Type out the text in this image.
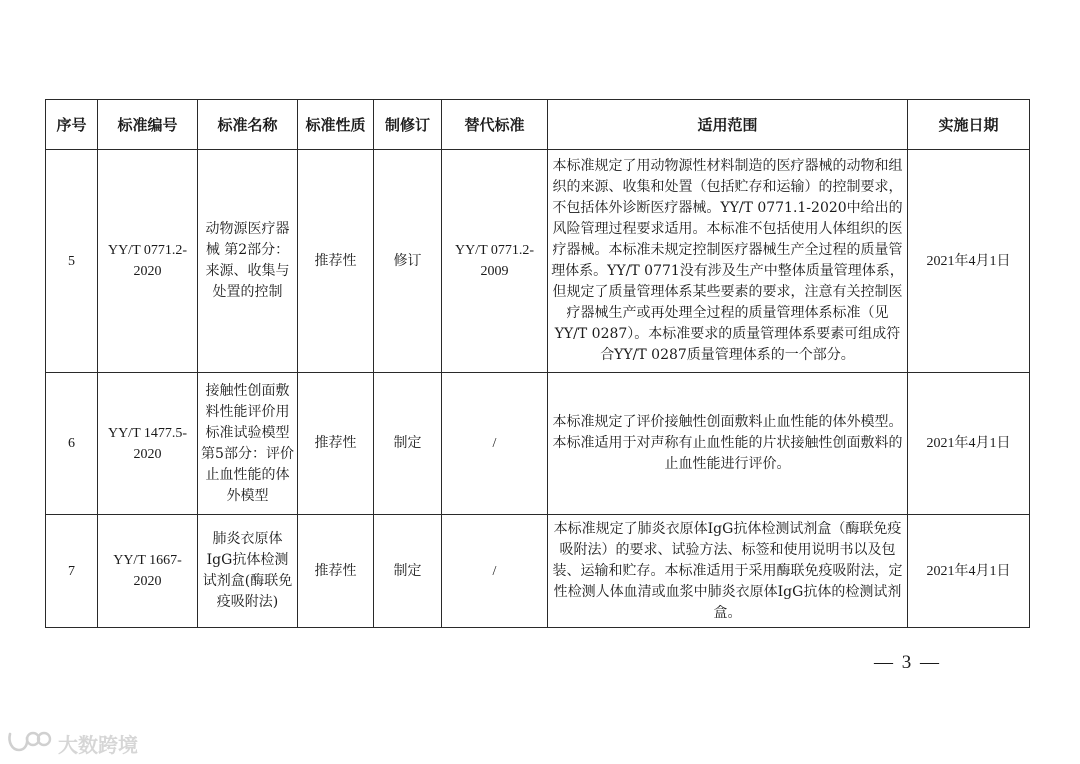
序号	标准编号	标准名称	标准性质	制修订	替代标准	适用范围	实施日期
5	YY/T 0771.2-2020	动物源医疗器械 第2部分：来源、收集与处置的控制	推荐性	修订	YY/T 0771.2-2009	本标准规定了用动物源性材料制造的医疗器械的动物和组织的来源、收集和处置（包括贮存和运输）的控制要求，不包括体外诊断医疗器械。YY/T 0771.1-2020中给出的风险管理过程要求适用。本标准不包括使用人体组织的医疗器械。本标准未规定控制医疗器械生产全过程的质量管理体系。YY/T 0771没有涉及生产中整体质量管理体系，但规定了质量管理体系某些要素的要求，注意有关控制医疗器械生产或再处理全过程的质量管理体系标准（见YY/T 0287）。本标准要求的质量管理体系要素可组成符合YY/T 0287质量管理体系的一个部分。	2021年4月1日
6	YY/T 1477.5-2020	接触性创面敷料性能评价用标准试验模型 第5部分：评价止血性能的体外模型	推荐性	制定	/	本标准规定了评价接触性创面敷料止血性能的体外模型。本标准适用于对声称有止血性能的片状接触性创面敷料的止血性能进行评价。	2021年4月1日
7	YY/T 1667-2020	肺炎衣原体IgG抗体检测试剂盒(酶联免疫吸附法)	推荐性	制定	/	本标准规定了肺炎衣原体IgG抗体检测试剂盒（酶联免疫吸附法）的要求、试验方法、标签和使用说明书以及包装、运输和贮存。本标准适用于采用酶联免疫吸附法，定性检测人体血清或血浆中肺炎衣原体IgG抗体的检测试剂盒。	2021年4月1日
— 3 —
大数跨境
